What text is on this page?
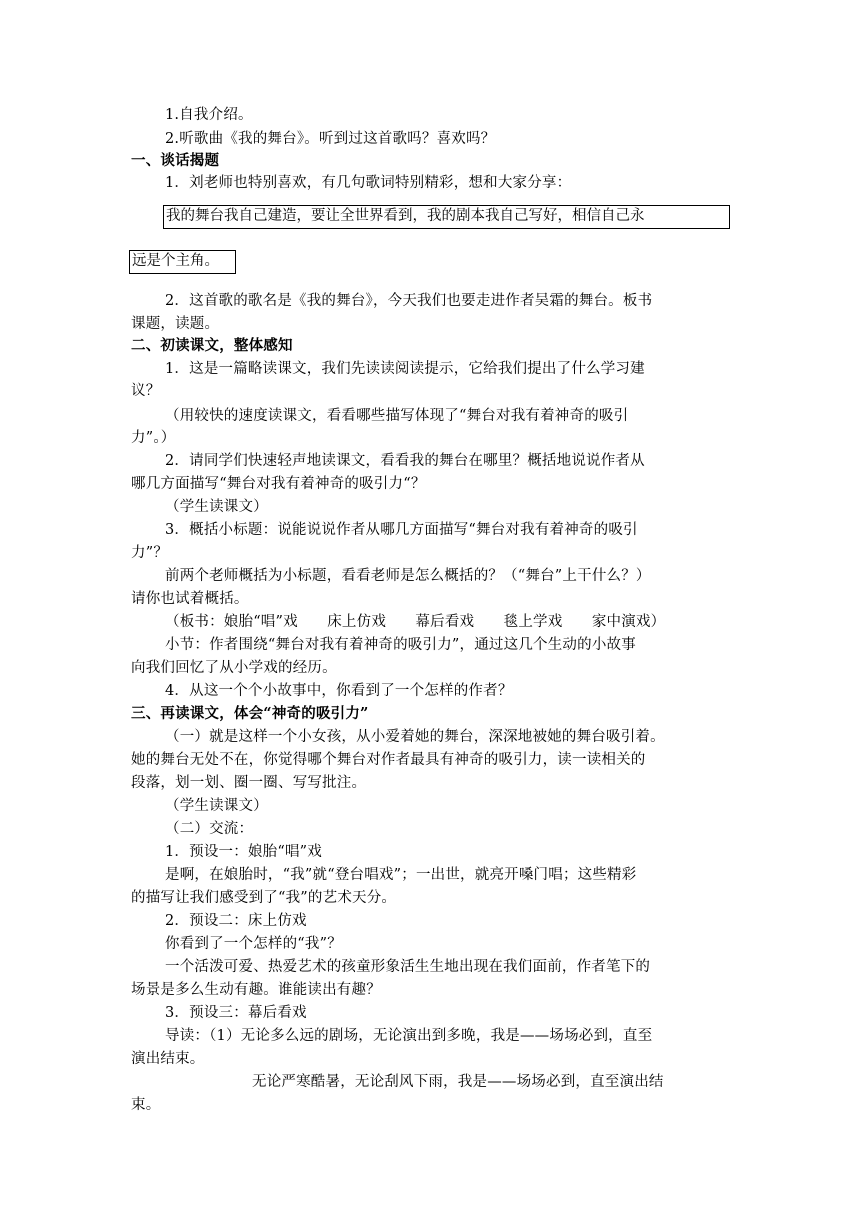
1.自我介绍。

2.听歌曲《我的舞台》。听到过这首歌吗？喜欢吗？

一、谈话揭题

1．刘老师也特别喜欢，有几句歌词特别精彩，想和大家分享：

我的舞台我自己建造，要让全世界看到，我的剧本我自己写好，相信自己永
远是个主角。

2．这首歌的歌名是《我的舞台》，今天我们也要走进作者吴霜的舞台。板书

课题，读题。

二、初读课文，整体感知

1．这是一篇略读课文，我们先读读阅读提示，它给我们提出了什么学习建

议？

（用较快的速度读课文，看看哪些描写体现了“舞台对我有着神奇的吸引

力”。）

2．请同学们快速轻声地读课文，看看我的舞台在哪里？概括地说说作者从

哪几方面描写“舞台对我有着神奇的吸引力“？

（学生读课文）

3．概括小标题：说能说说作者从哪几方面描写“舞台对我有着神奇的吸引

力”？

前两个老师概括为小标题，看看老师是怎么概括的？（“舞台”上干什么？）

请你也试着概括。

（板书：娘胎“唱”戏　　床上仿戏　　幕后看戏　　毯上学戏　　家中演戏）

小节：作者围绕“舞台对我有着神奇的吸引力”，通过这几个生动的小故事

向我们回忆了从小学戏的经历。

4．从这一个个小故事中，你看到了一个怎样的作者？

三、再读课文，体会“神奇的吸引力”

（一）就是这样一个小女孩，从小爱着她的舞台，深深地被她的舞台吸引着。

她的舞台无处不在，你觉得哪个舞台对作者最具有神奇的吸引力，读一读相关的

段落，划一划、圈一圈、写写批注。

（学生读课文）

（二）交流：

1．预设一：娘胎“唱”戏

是啊，在娘胎时，“我”就“登台唱戏”；一出世，就亮开嗓门唱；这些精彩

的描写让我们感受到了“我”的艺术天分。

2．预设二：床上仿戏

你看到了一个怎样的“我”？

一个活泼可爱、热爱艺术的孩童形象活生生地出现在我们面前，作者笔下的

场景是多么生动有趣。谁能读出有趣？

3．预设三：幕后看戏

导读：（1）无论多么远的剧场，无论演出到多晚，我是——场场必到，直至

演出结束。

无论严寒酷暑，无论刮风下雨，我是——场场必到，直至演出结

束。
